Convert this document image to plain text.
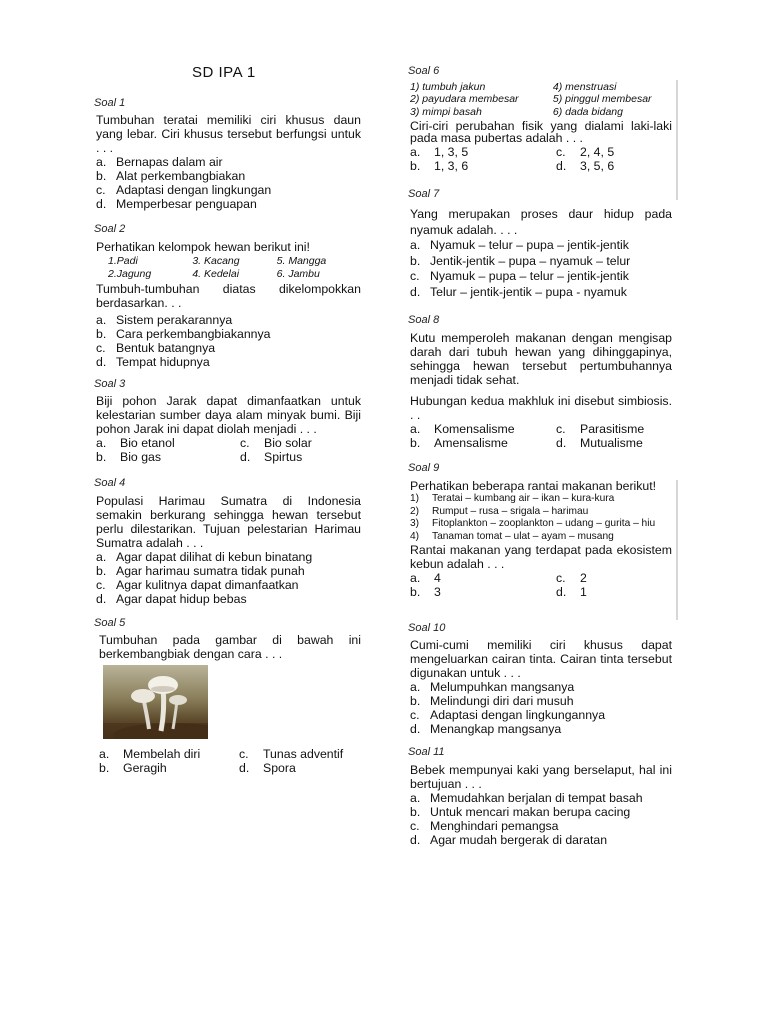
SD IPA 1
Soal 1

Tumbuhan teratai memiliki ciri khusus daun yang lebar. Ciri khusus tersebut berfungsi untuk . . .

a. Bernapas dalam air
b. Alat perkembangbiakan
c. Adaptasi dengan lingkungan
d. Memperbesar penguapan
Soal 2

Perhatikan kelompok hewan berikut ini!

1.Padi	3. Kacang	5. Mangga
2.Jagung	4. Kedelai	6. Jambu

Tumbuh-tumbuhan diatas dikelompokkan berdasarkan. . .

a. Sistem perakarannya
b. Cara perkembangbiakannya
c. Bentuk batangnya
d. Tempat hidupnya
Soal 3

Biji pohon Jarak dapat dimanfaatkan untuk kelestarian sumber daya alam minyak bumi. Biji pohon Jarak ini dapat diolah menjadi . . .

a.	Bio etanol	c.	Bio solar
b.	Bio gas	d.	Spirtus
Soal 4

Populasi Harimau Sumatra di Indonesia semakin berkurang sehingga hewan tersebut perlu dilestarikan. Tujuan pelestarian Harimau Sumatra adalah . . .

a. Agar dapat dilihat di kebun binatang
b. Agar harimau sumatra tidak punah
c. Agar kulitnya dapat dimanfaatkan
d. Agar dapat hidup bebas
Soal 5

Tumbuhan pada gambar di bawah ini berkembangbiak dengan cara . . .

a.	Membelah diri	c.	Tunas adventif
b.	Geragih	d.	Spora
Soal 6
1) tumbuh jakun	4) menstruasi
2) payudara membesar	5) pinggul membesar
3) mimpi basah	6) dada bidang

Ciri-ciri perubahan fisik yang dialami laki-laki pada masa pubertas adalah . . .

a.	1, 3, 5	c.	2, 4, 5
b.	1, 3, 6	d.	3, 5, 6
Soal 7

Yang merupakan proses daur hidup pada nyamuk adalah. . . .

a. Nyamuk – telur – pupa – jentik-jentik
b. Jentik-jentik – pupa – nyamuk – telur
c. Nyamuk – pupa – telur – jentik-jentik
d. Telur – jentik-jentik – pupa - nyamuk
Soal 8

Kutu memperoleh makanan dengan mengisap darah dari tubuh hewan yang dihinggapinya, sehingga hewan tersebut pertumbuhannya menjadi tidak sehat.

Hubungan kedua makhluk ini disebut simbiosis. . .

a.	Komensalisme	c.	Parasitisme
b.	Amensalisme	d.	Mutualisme
Soal 9

Perhatikan beberapa rantai makanan berikut!

1)	Teratai – kumbang air – ikan – kura-kura
2)	Rumput – rusa – srigala – harimau
3)	Fitoplankton – zooplankton – udang – gurita – hiu
4)	Tanaman tomat – ulat – ayam – musang

Rantai makanan yang terdapat pada ekosistem kebun adalah . . .

a.	4	c.	2
b.	3	d.	1
Soal 10

Cumi-cumi memiliki ciri khusus dapat mengeluarkan cairan tinta. Cairan tinta tersebut digunakan untuk . . .

a. Melumpuhkan mangsanya
b. Melindungi diri dari musuh
c. Adaptasi dengan lingkungannya
d. Menangkap mangsanya
Soal 11

Bebek mempunyai kaki yang berselaput, hal ini bertujuan . . .

a. Memudahkan berjalan di tempat basah
b. Untuk mencari makan berupa cacing
c. Menghindari pemangsa
d. Agar mudah bergerak di daratan
